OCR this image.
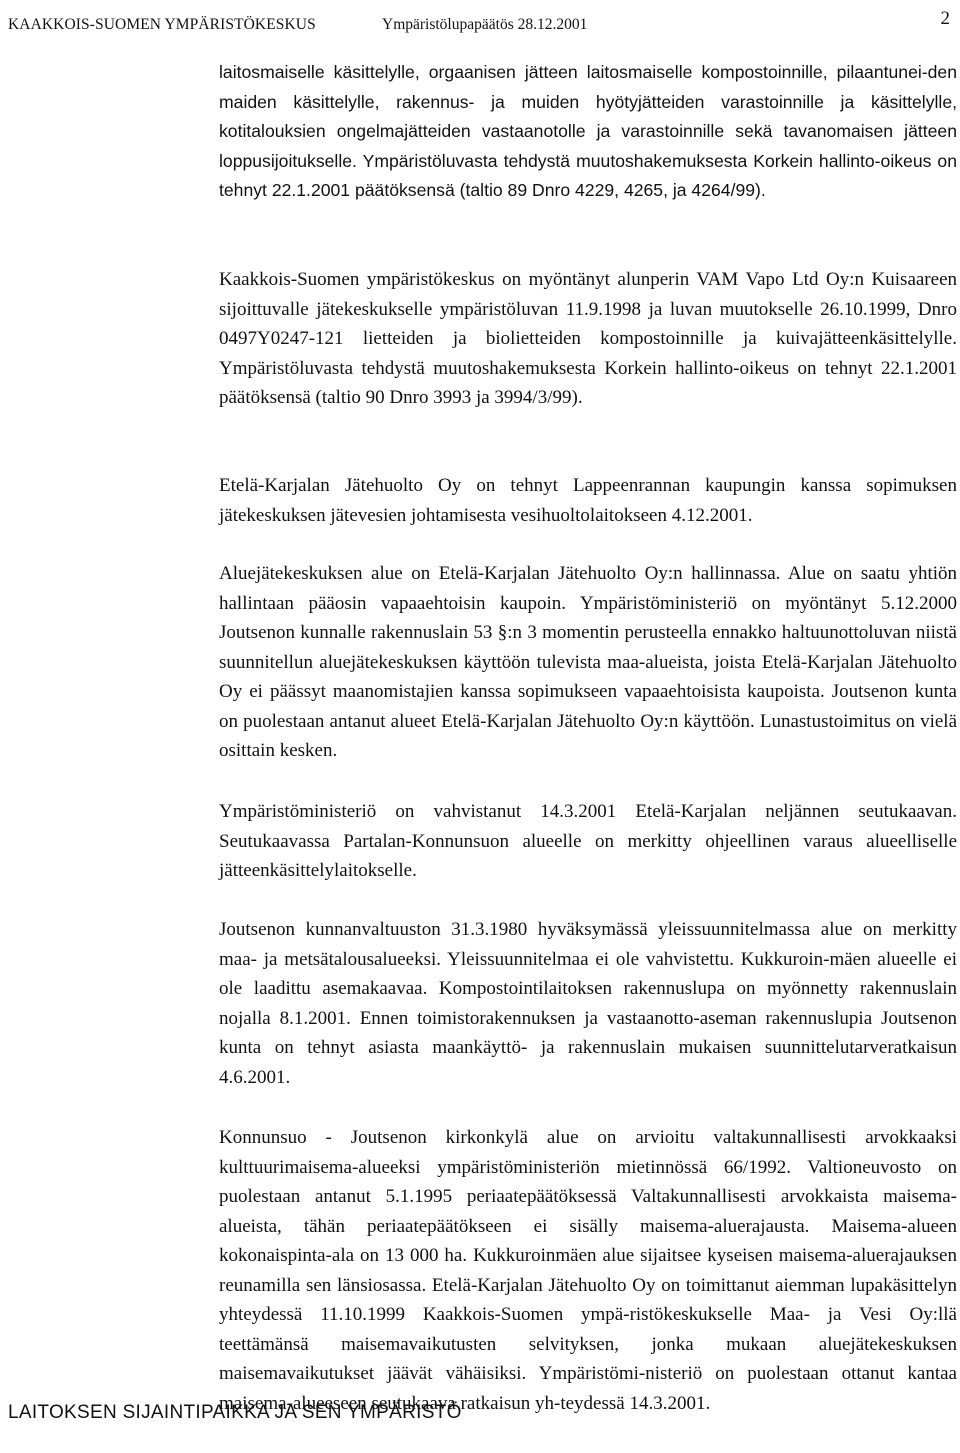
KAAKKOIS-SUOMEN YMPÄRISTÖKESKUS	Ympäristölupapäätös 28.12.2001	2

laitosmaiselle käsittelylle, orgaanisen jätteen laitosmaiselle kompostoinnille, pilaantunei-den maiden käsittelylle, rakennus- ja muiden hyötyjätteiden varastoinnille ja käsittelylle, kotitalouksien ongelmajätteiden vastaanotolle ja varastoinnille sekä tavanomaisen jätteen loppusijoitukselle. Ympäristöluvasta tehdystä muutoshakemuksesta Korkein hallinto-oikeus on tehnyt 22.1.2001 päätöksensä (taltio 89 Dnro 4229, 4265, ja 4264/99).

Kaakkois-Suomen ympäristökeskus on myöntänyt alunperin VAM Vapo Ltd Oy:n Kuisaareen sijoittuvalle jätekeskukselle ympäristöluvan 11.9.1998 ja luvan muutokselle 26.10.1999, Dnro 0497Y0247-121 lietteiden ja biolietteiden kompostoinnille ja kuivajätteenkäsittelylle. Ympäristöluvasta tehdystä muutoshakemuksesta Korkein hallinto-oikeus on tehnyt 22.1.2001 päätöksensä (taltio 90 Dnro 3993 ja 3994/3/99).

Etelä-Karjalan Jätehuolto Oy on tehnyt Lappeenrannan kaupungin kanssa sopimuksen jätekeskuksen jätevesien johtamisesta vesihuoltolaitokseen 4.12.2001.

Aluejätekeskuksen alue on Etelä-Karjalan Jätehuolto Oy:n hallinnassa. Alue on saatu yhtiön hallintaan pääosin vapaaehtoisin kaupoin. Ympäristöministeriö on myöntänyt 5.12.2000 Joutsenon kunnalle rakennuslain 53 §:n 3 momentin perusteella ennakko haltuunottoluvan niistä suunnitellun aluejätekeskuksen käyttöön tulevista maa-alueista, joista Etelä-Karjalan Jätehuolto Oy ei päässyt maanomistajien kanssa sopimukseen vapaaehtoisista kaupoista. Joutsenon kunta on puolestaan antanut alueet Etelä-Karjalan Jätehuolto Oy:n käyttöön. Lunastustoimitus on vielä osittain kesken.

Ympäristöministeriö on vahvistanut 14.3.2001 Etelä-Karjalan neljännen seutukaavan. Seutukaavassa Partalan-Konnunsuon alueelle on merkitty ohjeellinen varaus alueelliselle jätteenkäsittelylaitokselle.

Joutsenon kunnanvaltuuston 31.3.1980 hyväksymässä yleissuunnitelmassa alue on merkitty maa- ja metsätalousalueeksi. Yleissuunnitelmaa ei ole vahvistettu. Kukkuroin-mäen alueelle ei ole laadittu asemakaavaa. Kompostointilaitoksen rakennuslupa on myönnetty rakennuslain nojalla 8.1.2001. Ennen toimistorakennuksen ja vastaanotto-aseman rakennuslupia Joutsenon kunta on tehnyt asiasta maankäyttö- ja rakennuslain mukaisen suunnittelutarveratkaisun 4.6.2001.

Konnunsuo - Joutsenon kirkonkylä alue on arvioitu valtakunnallisesti arvokkaaksi kulttuurimaisema-alueeksi ympäristöministeriön mietinnössä 66/1992. Valtioneuvosto on puolestaan antanut 5.1.1995 periaatepäätöksessä Valtakunnallisesti arvokkaista maisema-alueista, tähän periaatepäätökseen ei sisälly maisema-aluerajausta. Maisema-alueen kokonaispinta-ala on 13 000 ha. Kukkuroinmäen alue sijaitsee kyseisen maisema-aluerajauksen reunamilla sen länsiosassa. Etelä-Karjalan Jätehuolto Oy on toimittanut aiemman lupakäsittelyn yhteydessä 11.10.1999 Kaakkois-Suomen ympä-ristökeskukselle Maa- ja Vesi Oy:llä teettämänsä maisemavaikutusten selvityksen, jonka mukaan aluejätekeskuksen maisemavaikutukset jäävät vähäisiksi. Ympäristömi-nisteriö on puolestaan ottanut kantaa maisema-alueeseen seutukaava ratkaisun yh-teydessä 14.3.2001.

LAITOKSEN SIJAINTIPAIKKA JA SEN YMPÄRISTÖ
